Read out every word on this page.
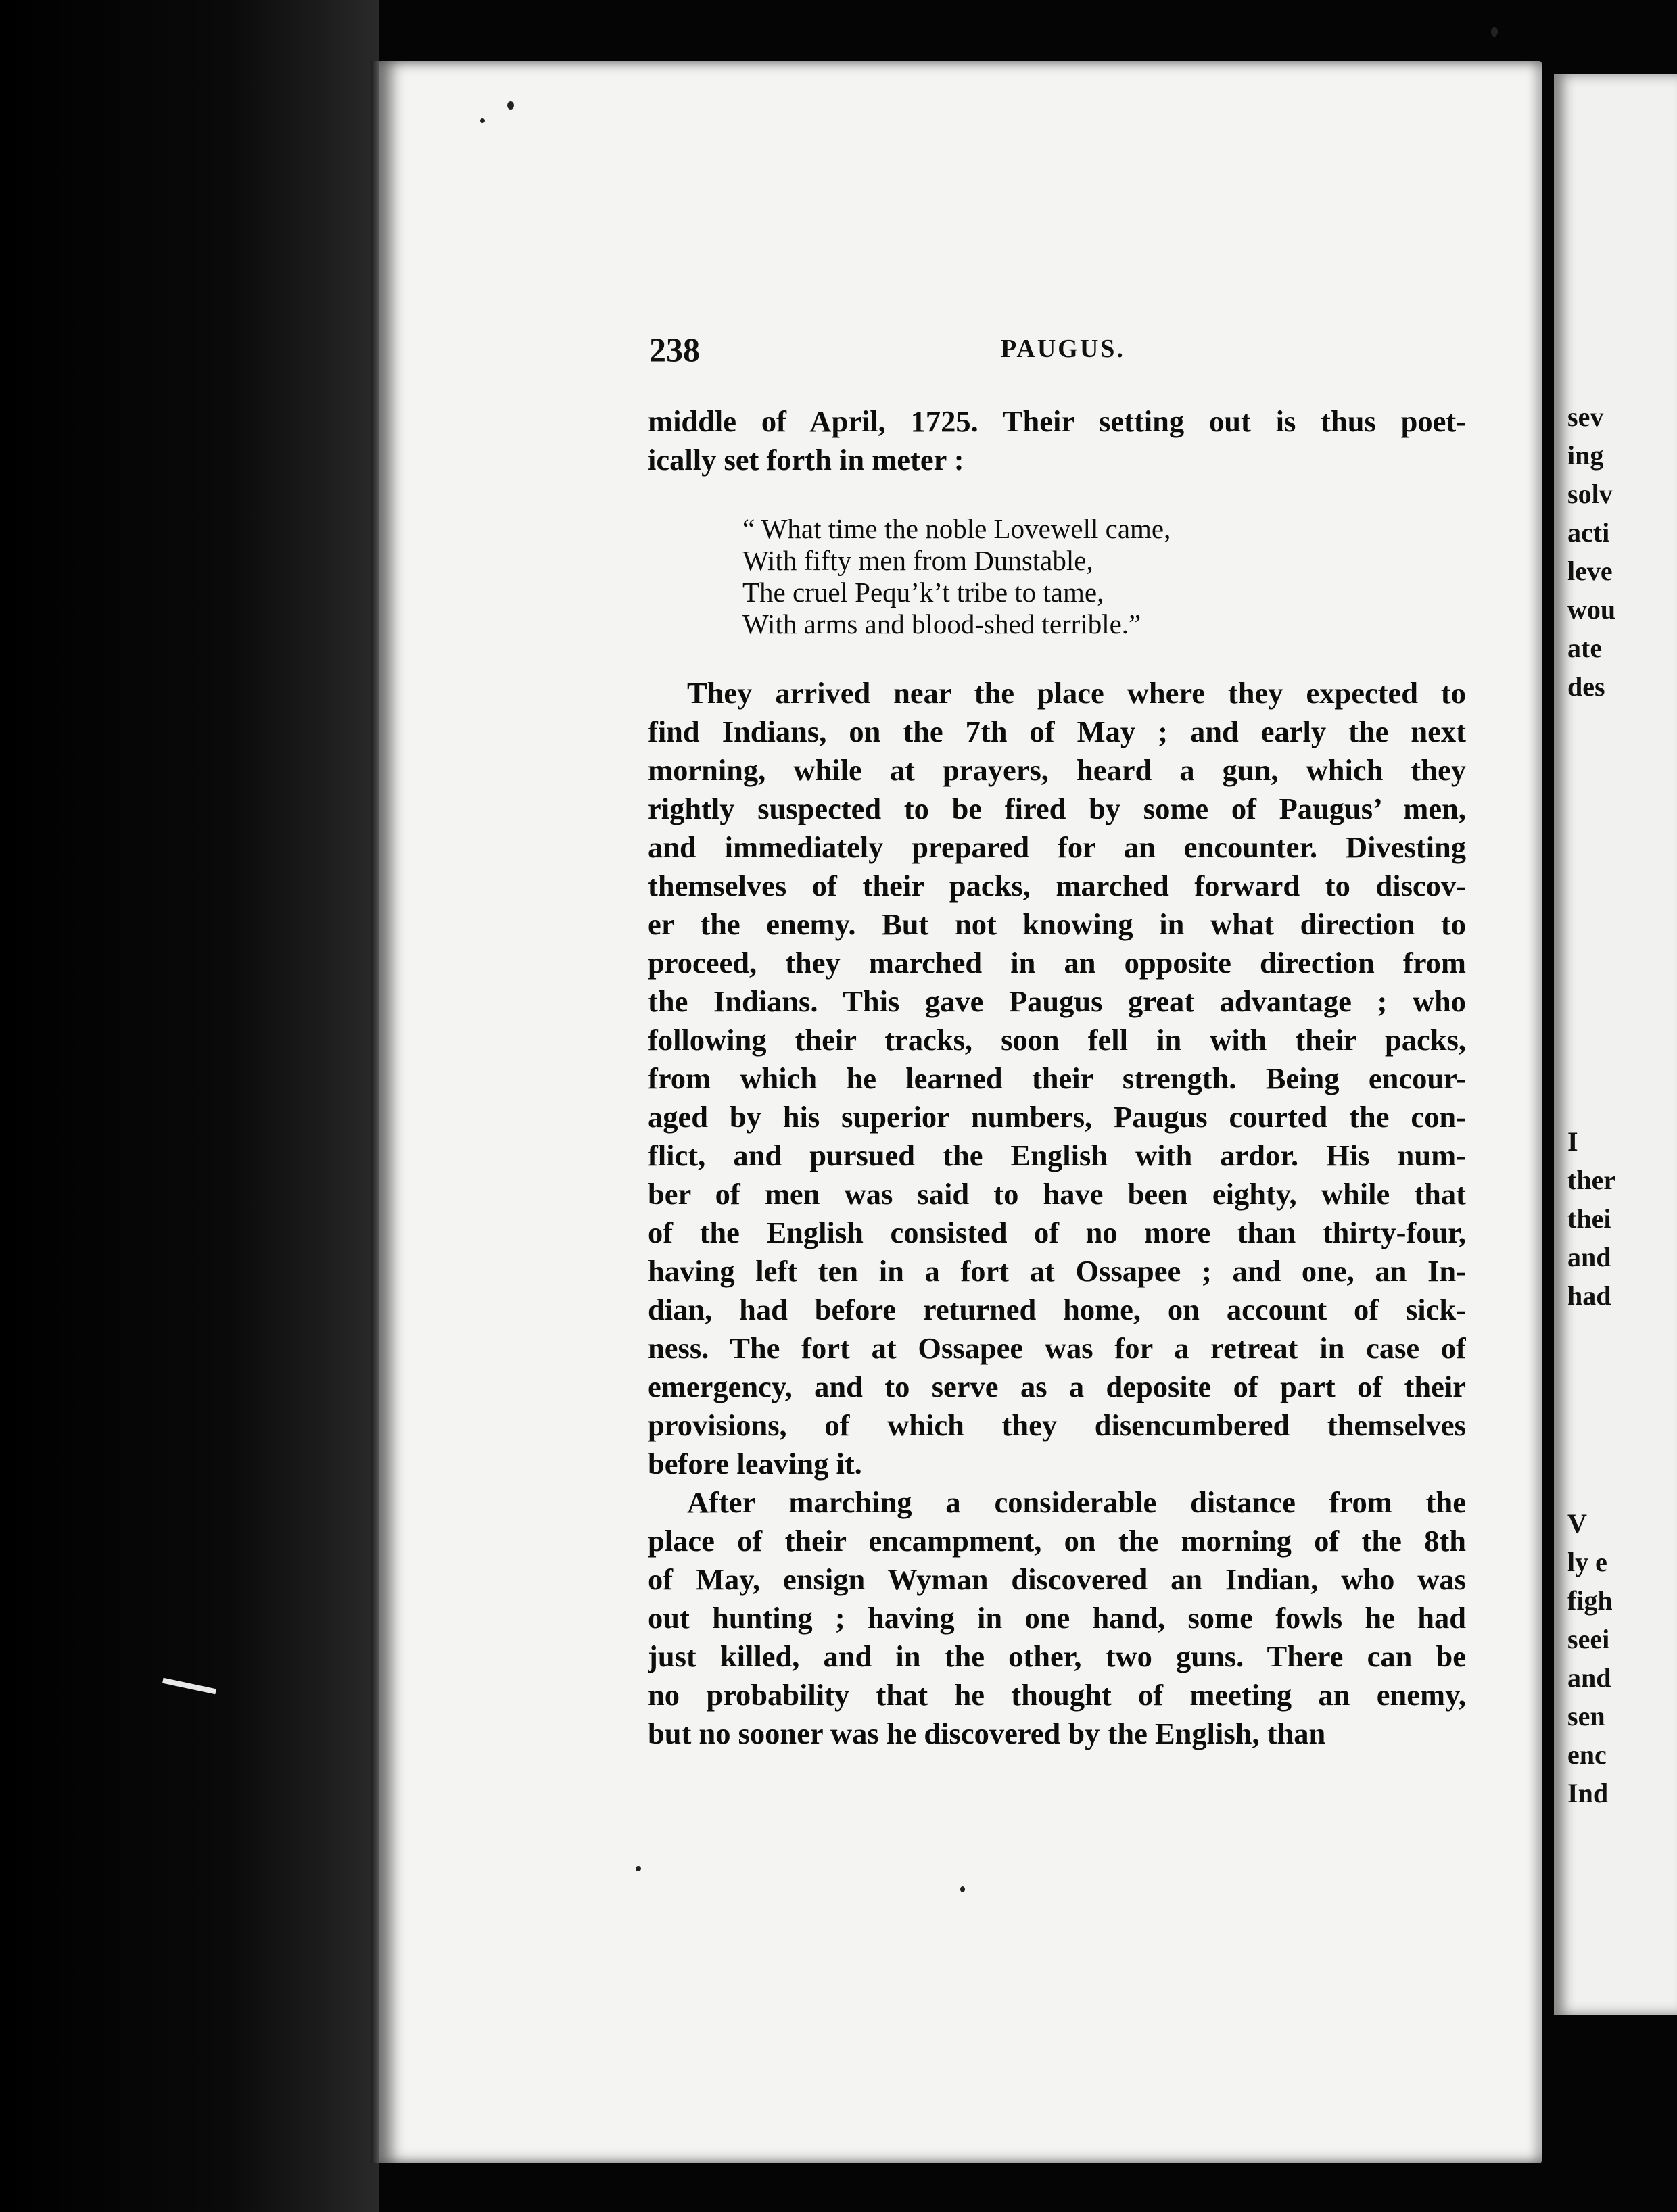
238	PAUGUS.
middle of April, 1725. Their setting out is thus poet-
ically set forth in meter :
“ What time the noble Lovewell came,
With fifty men from Dunstable,
The cruel Pequ’k’t tribe to tame,
With arms and blood-shed terrible.”
They arrived near the place where they expected to
find Indians, on the 7th of May ; and early the next
morning, while at prayers, heard a gun, which they
rightly suspected to be fired by some of Paugus’ men,
and immediately prepared for an encounter. Divesting
themselves of their packs, marched forward to discov-
er the enemy. But not knowing in what direction to
proceed, they marched in an opposite direction from
the Indians. This gave Paugus great advantage ; who
following their tracks, soon fell in with their packs,
from which he learned their strength. Being encour-
aged by his superior numbers, Paugus courted the con-
flict, and pursued the English with ardor. His num-
ber of men was said to have been eighty, while that
of the English consisted of no more than thirty-four,
having left ten in a fort at Ossapee ; and one, an In-
dian, had before returned home, on account of sick-
ness. The fort at Ossapee was for a retreat in case of
emergency, and to serve as a deposite of part of their
provisions, of which they disencumbered themselves
before leaving it.
After marching a considerable distance from the
place of their encampment, on the morning of the 8th
of May, ensign Wyman discovered an Indian, who was
out hunting ; having in one hand, some fowls he had
just killed, and in the other, two guns. There can be
no probability that he thought of meeting an enemy,
but no sooner was he discovered by the English, than
sev
ing
solv
acti
leve
wou
ate
des
I
ther
thei
and
had
V
ly e
figh
seei
and
sen
enc
Ind
